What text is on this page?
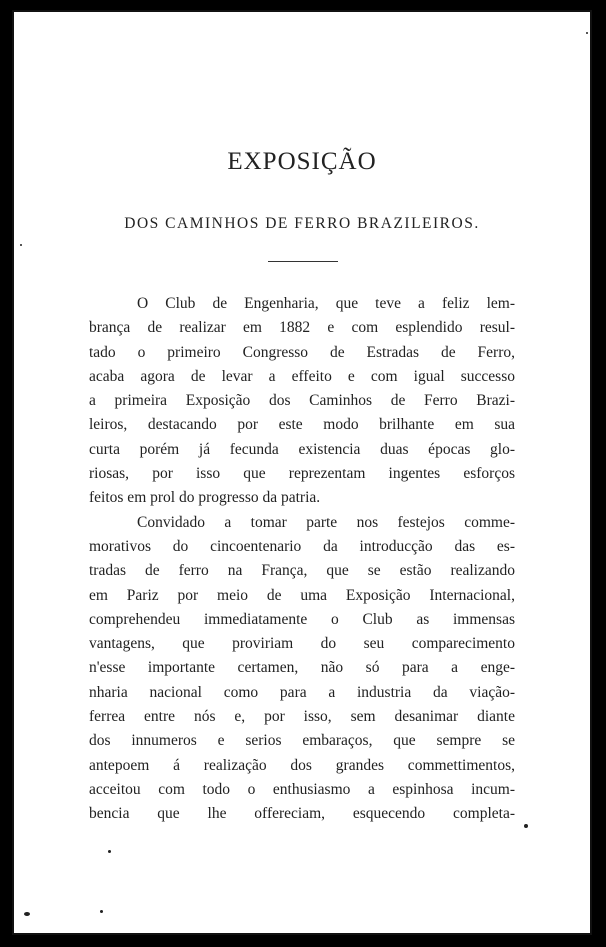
EXPOSIÇÃO
DOS CAMINHOS DE FERRO BRAZILEIROS.
O Club de Engenharia, que teve a feliz lem-
brança de realizar em 1882 e com esplendido resul-
tado o primeiro Congresso de Estradas de Ferro,
acaba agora de levar a effeito e com igual successo
a primeira Exposição dos Caminhos de Ferro Brazi-
leiros, destacando por este modo brilhante em sua
curta porém já fecunda existencia duas épocas glo-
riosas, por isso que reprezentam ingentes esforços
feitos em prol do progresso da patria.
Convidado a tomar parte nos festejos comme-
morativos do cincoentenario da introducção das es-
tradas de ferro na França, que se estão realizando
em Pariz por meio de uma Exposição Internacional,
comprehendeu immediatamente o Club as immensas
vantagens, que proviriam do seu comparecimento
n'esse importante certamen, não só para a enge-
nharia nacional como para a industria da viação-
ferrea entre nós e, por isso, sem desanimar diante
dos innumeros e serios embaraços, que sempre se
antepoem á realização dos grandes commettimentos,
acceitou com todo o enthusiasmo a espinhosa incum-
bencia que lhe offereciam, esquecendo completa-
